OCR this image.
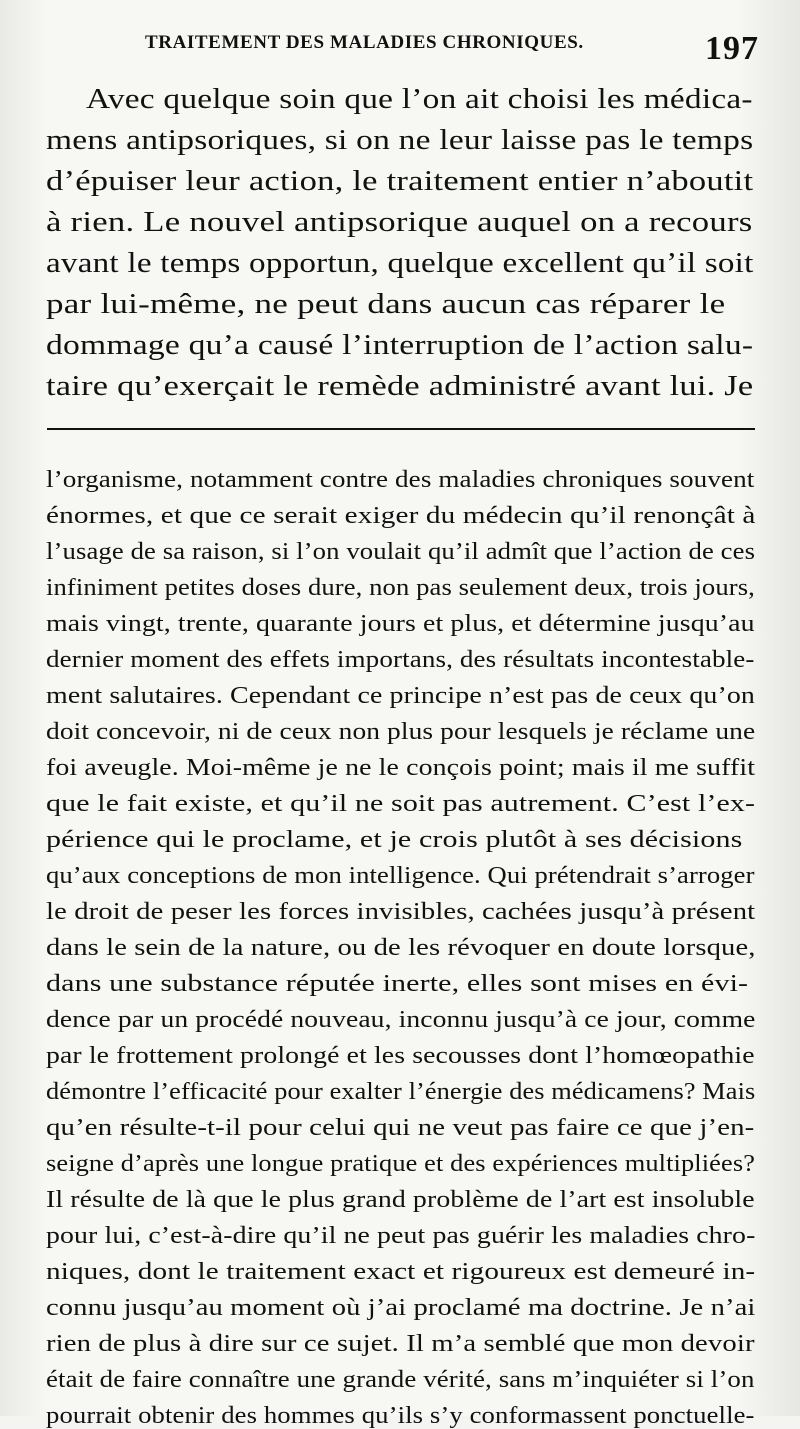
TRAITEMENT DES MALADIES CHRONIQUES.	197
Avec quelque soin que l’on ait choisi les médica-
mens antipsoriques, si on ne leur laisse pas le temps
d’épuiser leur action, le traitement entier n’aboutit
à rien. Le nouvel antipsorique auquel on a recours
avant le temps opportun, quelque excellent qu’il soit
par lui-même, ne peut dans aucun cas réparer le
dommage qu’a causé l’interruption de l’action salu-
taire qu’exerçait le remède administré avant lui. Je
l’organisme, notamment contre des maladies chroniques souvent
énormes, et que ce serait exiger du médecin qu’il renonçât à
l’usage de sa raison, si l’on voulait qu’il admît que l’action de ces
infiniment petites doses dure, non pas seulement deux, trois jours,
mais vingt, trente, quarante jours et plus, et détermine jusqu’au
dernier moment des effets importans, des résultats incontestable-
ment salutaires. Cependant ce principe n’est pas de ceux qu’on
doit concevoir, ni de ceux non plus pour lesquels je réclame une
foi aveugle. Moi-même je ne le conçois point; mais il me suffit
que le fait existe, et qu’il ne soit pas autrement. C’est l’ex-
périence qui le proclame, et je crois plutôt à ses décisions
qu’aux conceptions de mon intelligence. Qui prétendrait s’arroger
le droit de peser les forces invisibles, cachées jusqu’à présent
dans le sein de la nature, ou de les révoquer en doute lorsque,
dans une substance réputée inerte, elles sont mises en évi-
dence par un procédé nouveau, inconnu jusqu’à ce jour, comme
par le frottement prolongé et les secousses dont l’homœopathie
démontre l’efficacité pour exalter l’énergie des médicamens? Mais
qu’en résulte-t-il pour celui qui ne veut pas faire ce que j’en-
seigne d’après une longue pratique et des expériences multipliées?
Il résulte de là que le plus grand problème de l’art est insoluble
pour lui, c’est-à-dire qu’il ne peut pas guérir les maladies chro-
niques, dont le traitement exact et rigoureux est demeuré in-
connu jusqu’au moment où j’ai proclamé ma doctrine. Je n’ai
rien de plus à dire sur ce sujet. Il m’a semblé que mon devoir
était de faire connaître une grande vérité, sans m’inquiéter si l’on
pourrait obtenir des hommes qu’ils s’y conformassent ponctuelle-
